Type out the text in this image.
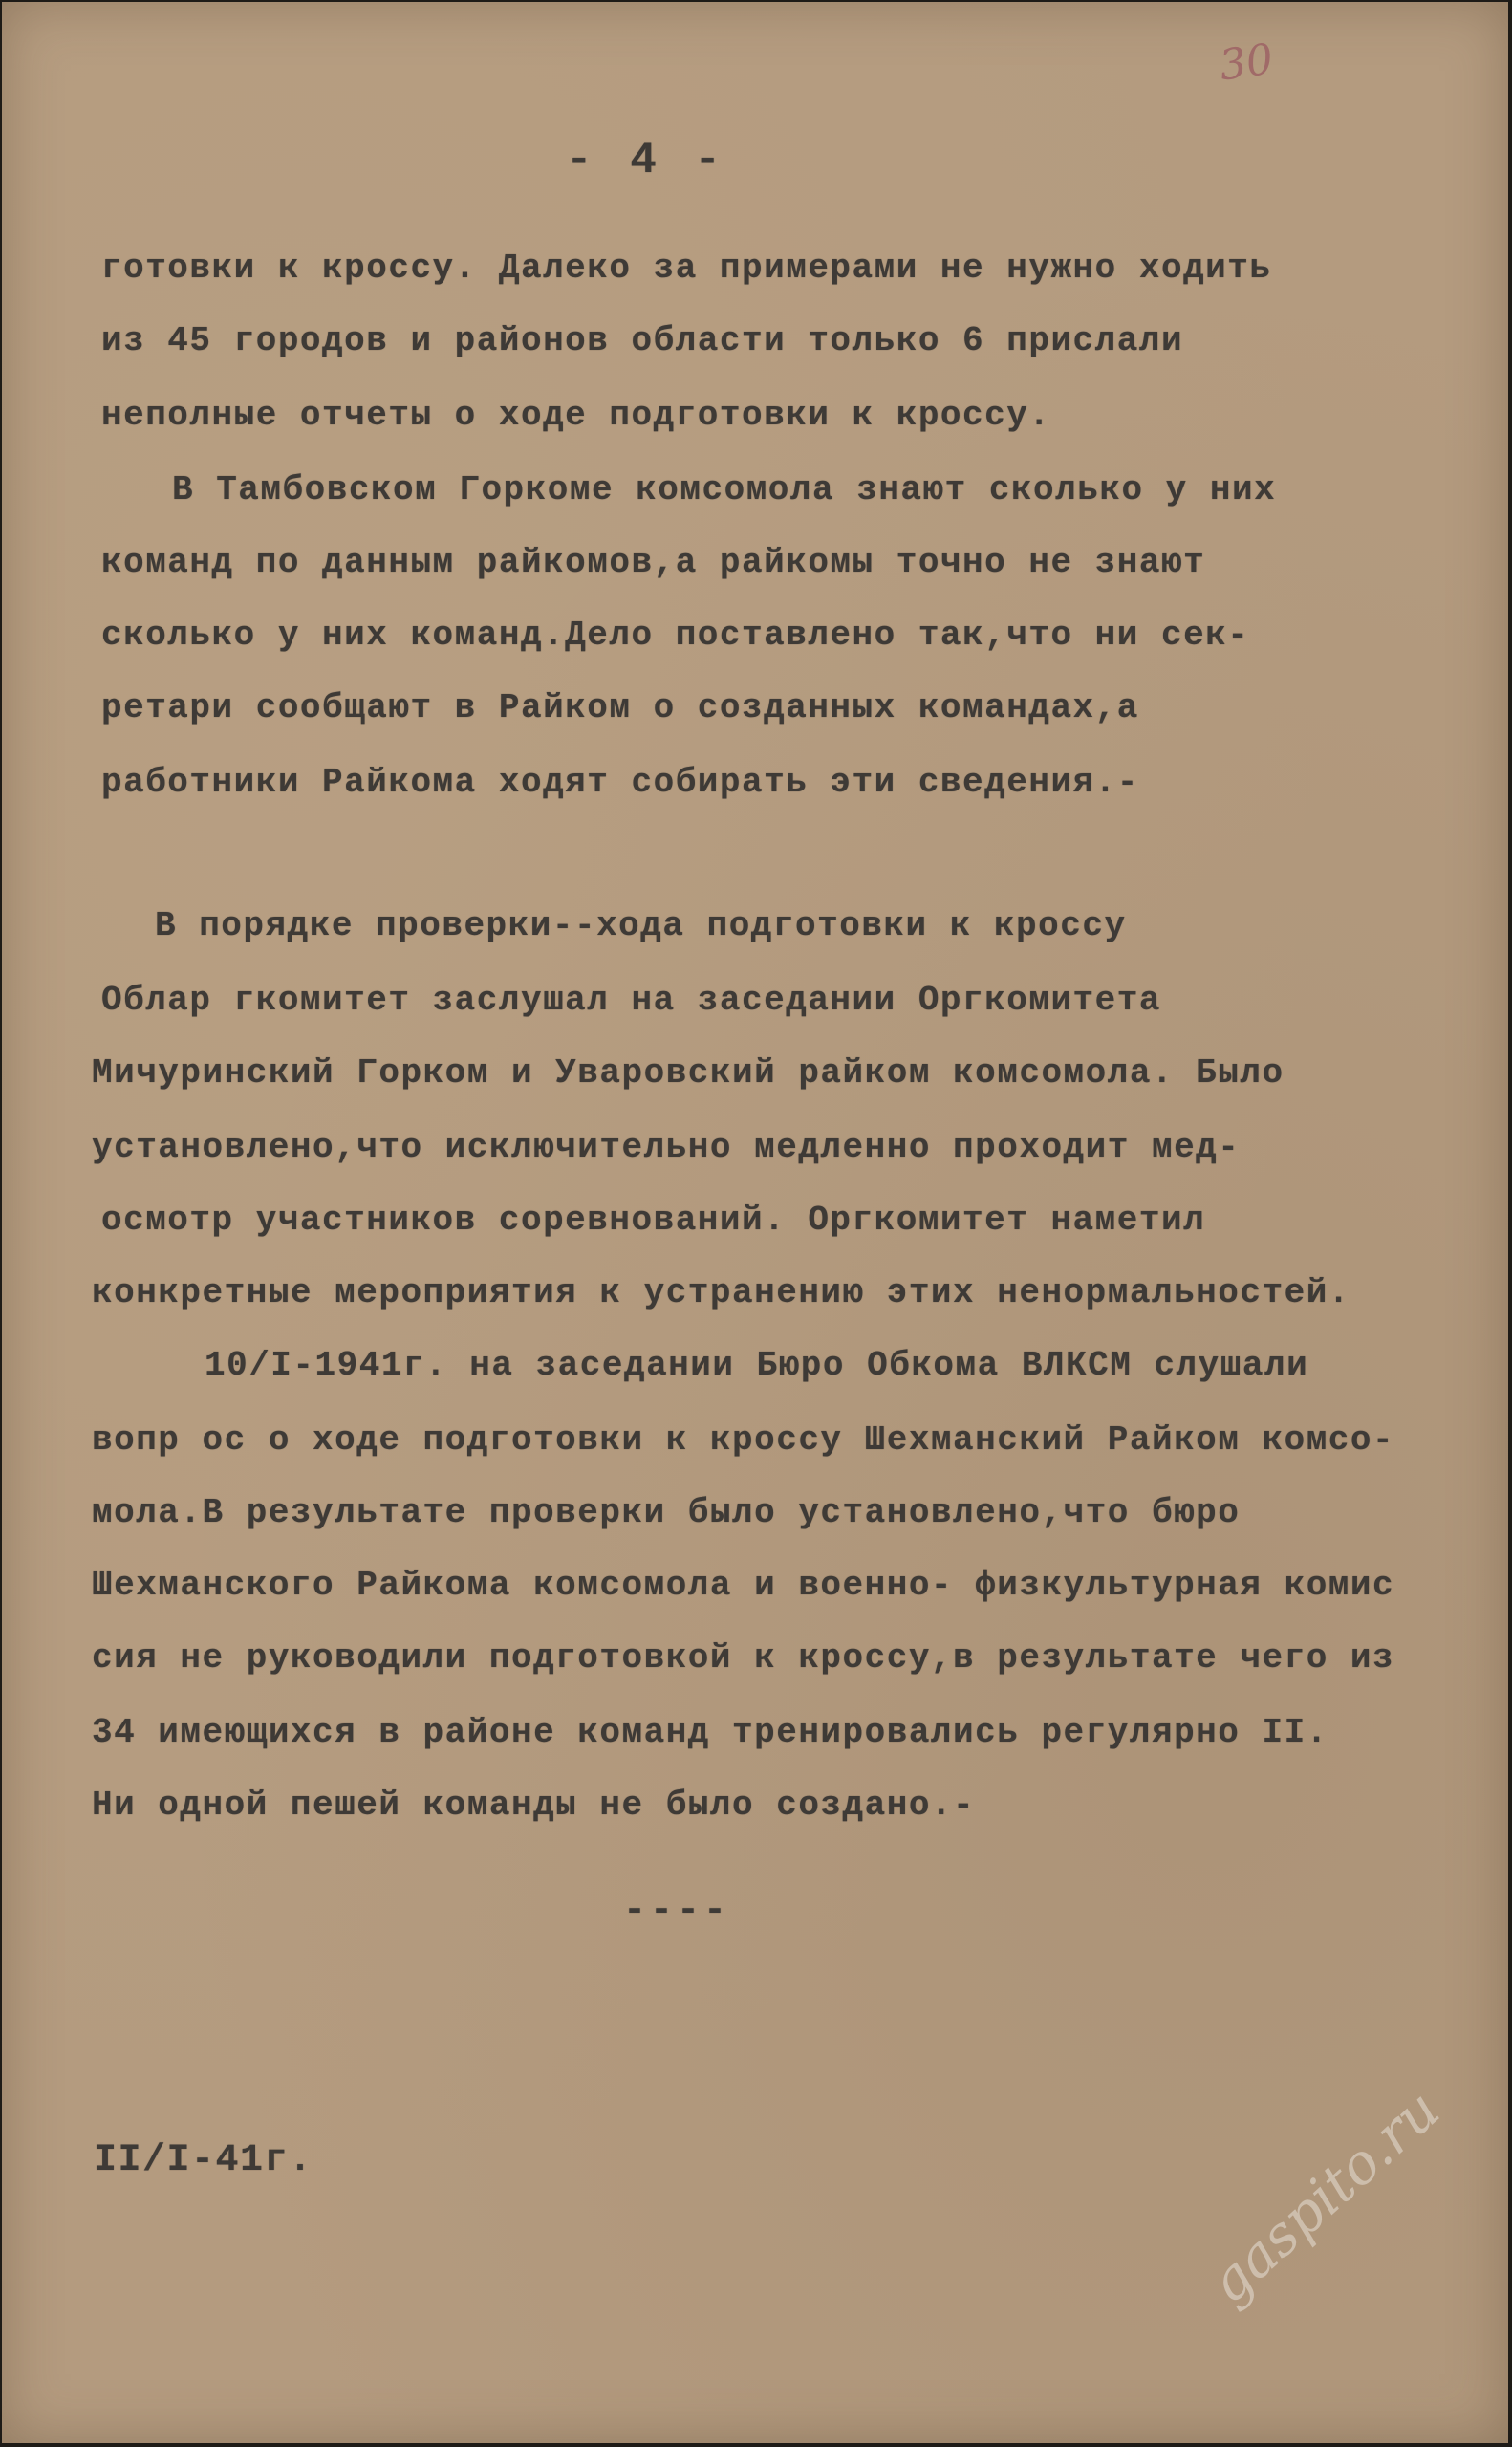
30
- 4 -
готовки к кроссу. Далеко за примерами не нужно ходить
из 45 городов и районов области только 6 прислали
неполные отчеты о ходе подготовки к кроссу.
В Тамбовском Горкоме комсомола знают сколько у них
команд по данным райкомов,а райкомы точно не знают
сколько у них команд.Дело поставлено так,что ни сек-
ретари сообщают в Райком о созданных командах,а
работники Райкома ходят собирать эти сведения.-
В порядке проверки--хода подготовки к кроссу
Облар гкомитет заслушал на заседании Оргкомитета
Мичуринский Горком и Уваровский райком комсомола. Было
установлено,что исключительно медленно проходит мед-
осмотр участников соревнований. Оргкомитет наметил
конкретные мероприятия к устранению этих ненормальностей.
10/I-1941г. на заседании Бюро Обкома ВЛКСМ слушали
вопр ос о ходе подготовки к кроссу Шехманский Райком комсо-
мола.В результате проверки было установлено,что бюро
Шехманского Райкома комсомола и военно- физкультурная комис
сия не руководили подготовкой к кроссу,в результате чего из
34 имеющихся в районе команд тренировались регулярно II.
Ни одной пешей команды не было создано.-
----
II/I-41г.	gaspito.ru
